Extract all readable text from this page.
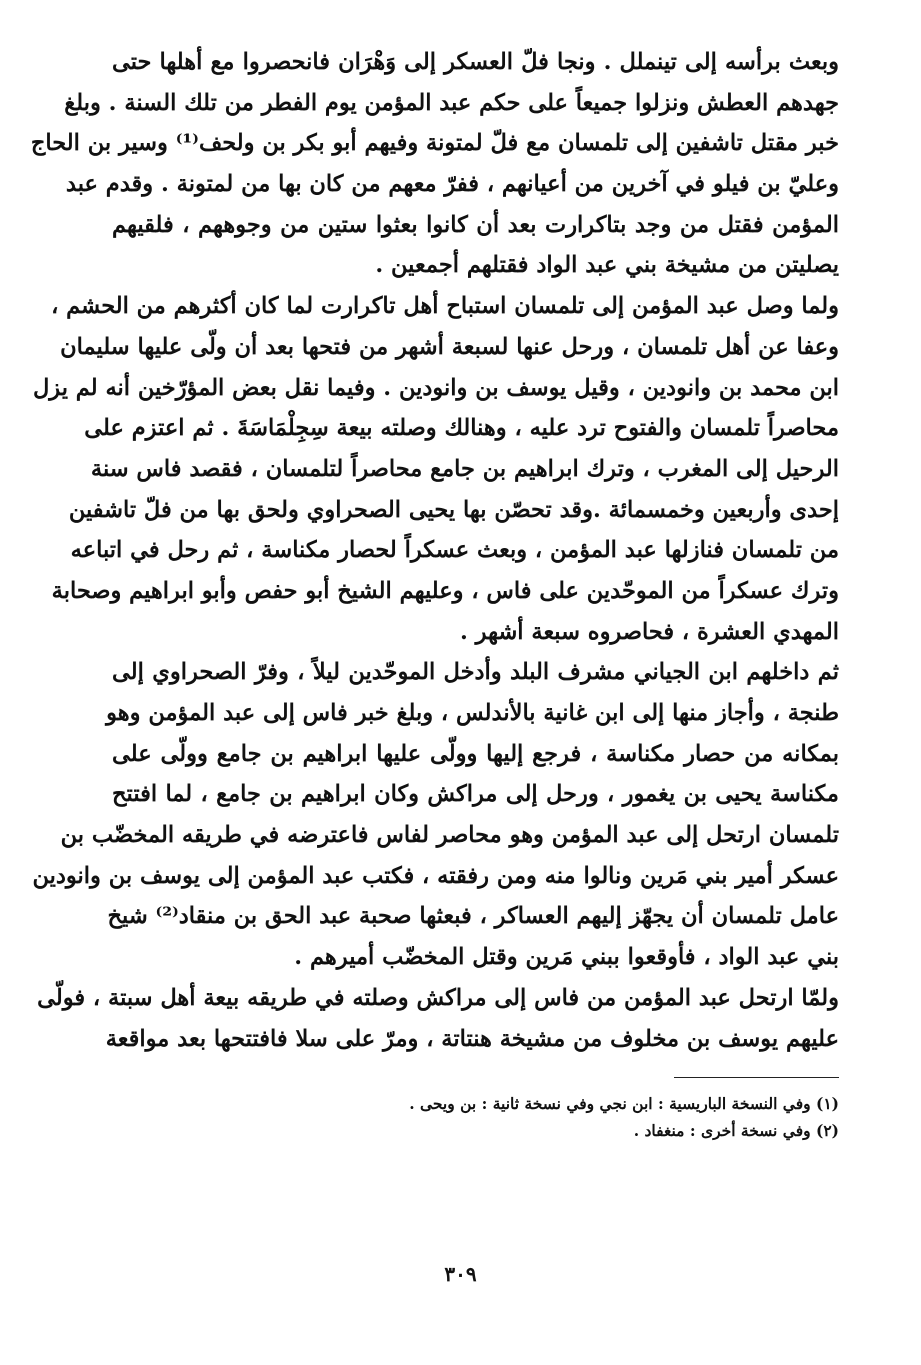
وبعث برأسه إلى تينملل . ونجا فلّ العسكر إلى وَهْرَان فانحصروا مع أهلها حتى
جهدهم العطش ونزلوا جميعاً على حكم عبد المؤمن يوم الفطر من تلك السنة . وبلغ
خبر مقتل تاشفين إلى تلمسان مع فلّ لمتونة وفيهم أبو بكر بن ولحف⁽¹⁾ وسير بن الحاج
وعليّ بن فيلو في آخرين من أعيانهم ، ففرّ معهم من كان بها من لمتونة . وقدم عبد
المؤمن فقتل من وجد بتاكرارت بعد أن كانوا بعثوا ستين من وجوههم ، فلقيهم
يصليتن من مشيخة بني عبد الواد فقتلهم أجمعين .
ولما وصل عبد المؤمن إلى تلمسان استباح أهل تاكرارت لما كان أكثرهم من الحشم ،
وعفا عن أهل تلمسان ، ورحل عنها لسبعة أشهر من فتحها بعد أن ولّى عليها سليمان
ابن محمد بن وانودين ، وقيل يوسف بن وانودين . وفيما نقل بعض المؤرّخين أنه لم يزل
محاصراً تلمسان والفتوح ترد عليه ، وهنالك وصلته بيعة سِجِلْمَاسَةَ . ثم اعتزم على
الرحيل إلى المغرب ، وترك ابراهيم بن جامع محاصراً لتلمسان ، فقصد فاس سنة
إحدى وأربعين وخمسمائة .وقد تحصّن بها يحيى الصحراوي ولحق بها من فلّ تاشفين
من تلمسان فنازلها عبد المؤمن ، وبعث عسكراً لحصار مكناسة ، ثم رحل في اتباعه
وترك عسكراً من الموحّدين على فاس ، وعليهم الشيخ أبو حفص وأبو ابراهيم وصحابة
المهدي العشرة ، فحاصروه سبعة أشهر .
ثم داخلهم ابن الجياني مشرف البلد وأدخل الموحّدين ليلاً ، وفرّ الصحراوي إلى
طنجة ، وأجاز منها إلى ابن غانية بالأندلس ، وبلغ خبر فاس إلى عبد المؤمن وهو
بمكانه من حصار مكناسة ، فرجع إليها وولّى عليها ابراهيم بن جامع وولّى على
مكناسة يحيى بن يغمور ، ورحل إلى مراكش وكان ابراهيم بن جامع ، لما افتتح
تلمسان ارتحل إلى عبد المؤمن وهو محاصر لفاس فاعترضه في طريقه المخضّب بن
عسكر أمير بني مَرين ونالوا منه ومن رفقته ، فكتب عبد المؤمن إلى يوسف بن وانودين
عامل تلمسان أن يجهّز إليهم العساكر ، فبعثها صحبة عبد الحق بن منقاد⁽²⁾ شيخ
بني عبد الواد ، فأوقعوا ببني مَرين وقتل المخضّب أميرهم .
ولمّا ارتحل عبد المؤمن من فاس إلى مراكش وصلته في طريقه بيعة أهل سبتة ، فولّى
عليهم يوسف بن مخلوف من مشيخة هنتاتة ، ومرّ على سلا فافتتحها بعد مواقعة
(١) وفي النسخة الباريسية : ابن نجي وفي نسخة ثانية : بن ويحى .
(٢) وفي نسخة أخرى : منغفاد .
٣٠٩
